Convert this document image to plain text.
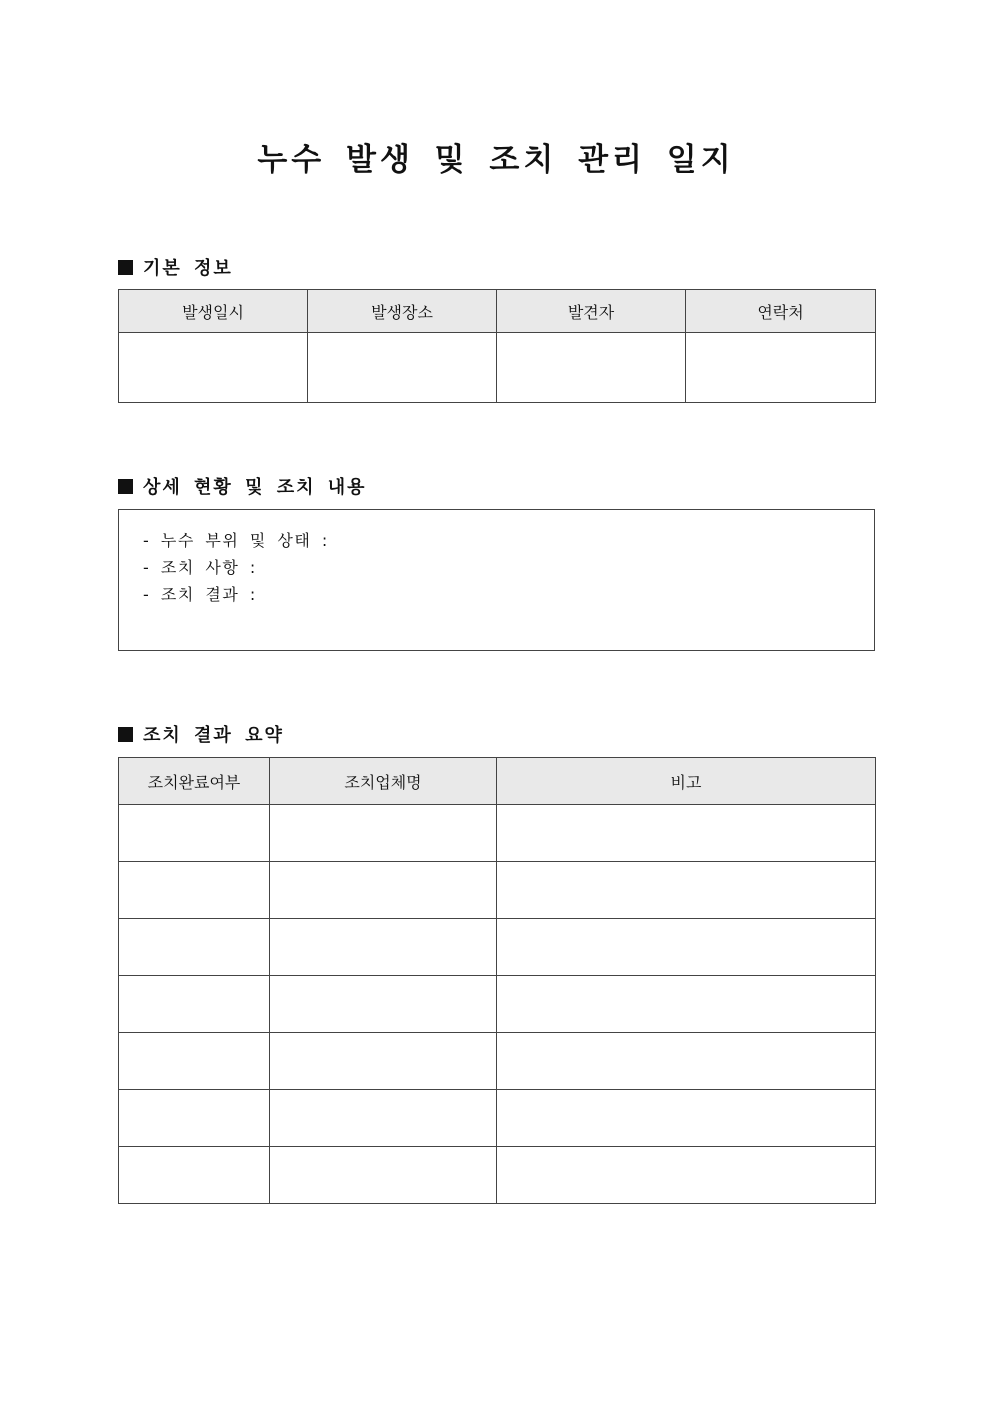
누수 발생 및 조치 관리 일지
기본 정보
발생일시	발생장소	발견자	연락처

상세 현황 및 조치 내용
- 누수 부위 및 상태 :
- 조치 사항 :
- 조치 결과 :
조치 결과 요약
조치완료여부	조치업체명	비고
